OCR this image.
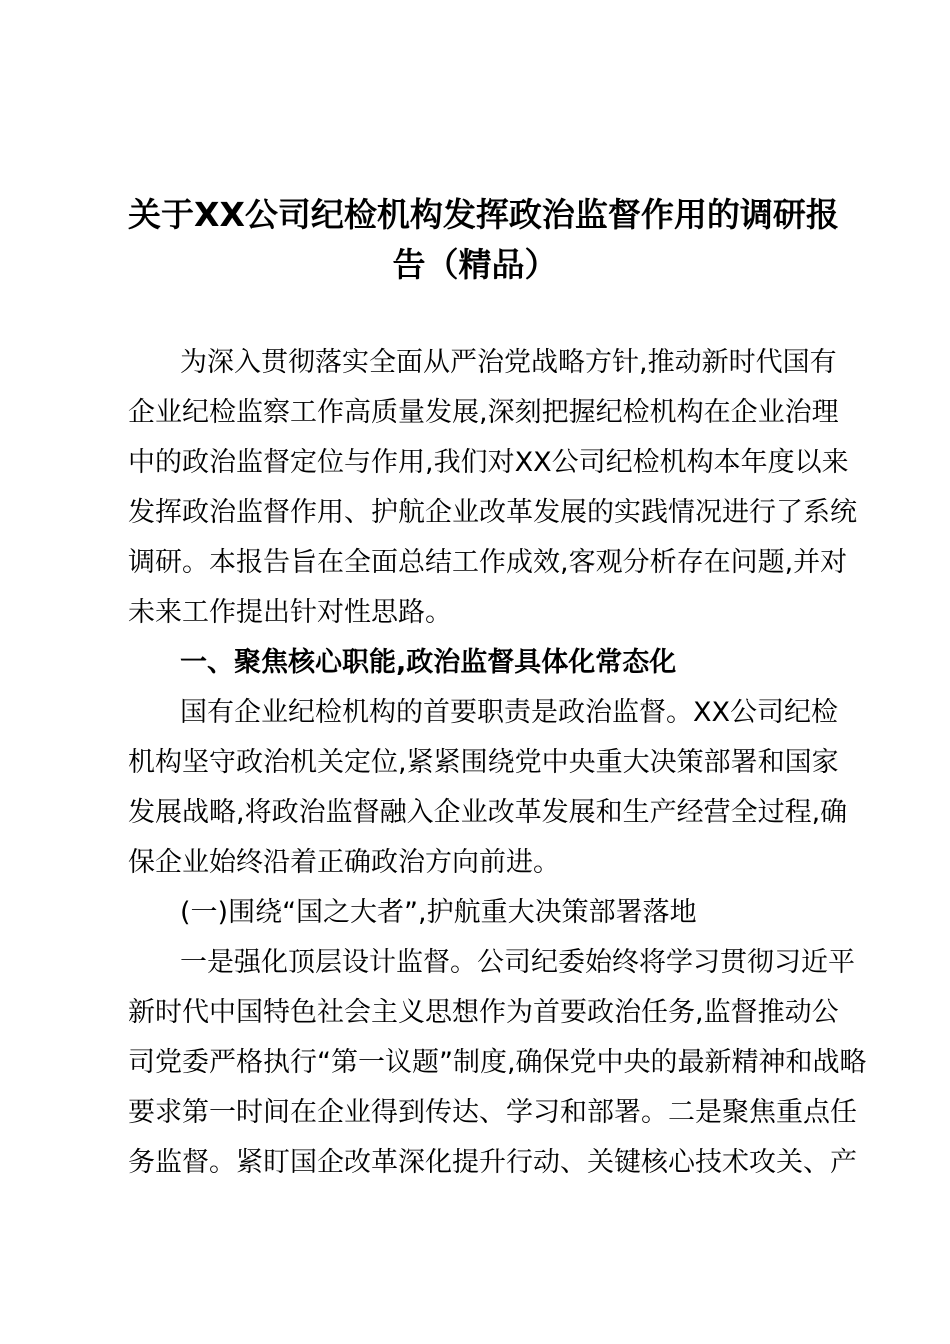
关于XX公司纪检机构发挥政治监督作用的调研报
告（精品）
为深入贯彻落实全面从严治党战略方针,推动新时代国有
企业纪检监察工作高质量发展,深刻把握纪检机构在企业治理
中的政治监督定位与作用,我们对XX公司纪检机构本年度以来
发挥政治监督作用、护航企业改革发展的实践情况进行了系统
调研。本报告旨在全面总结工作成效,客观分析存在问题,并对
未来工作提出针对性思路。
一、聚焦核心职能,政治监督具体化常态化
国有企业纪检机构的首要职责是政治监督。XX公司纪检
机构坚守政治机关定位,紧紧围绕党中央重大决策部署和国家
发展战略,将政治监督融入企业改革发展和生产经营全过程,确
保企业始终沿着正确政治方向前进。
(一)围绕“国之大者”,护航重大决策部署落地
一是强化顶层设计监督。公司纪委始终将学习贯彻习近平
新时代中国特色社会主义思想作为首要政治任务,监督推动公
司党委严格执行“第一议题”制度,确保党中央的最新精神和战略
要求第一时间在企业得到传达、学习和部署。二是聚焦重点任
务监督。紧盯国企改革深化提升行动、关键核心技术攻关、产
